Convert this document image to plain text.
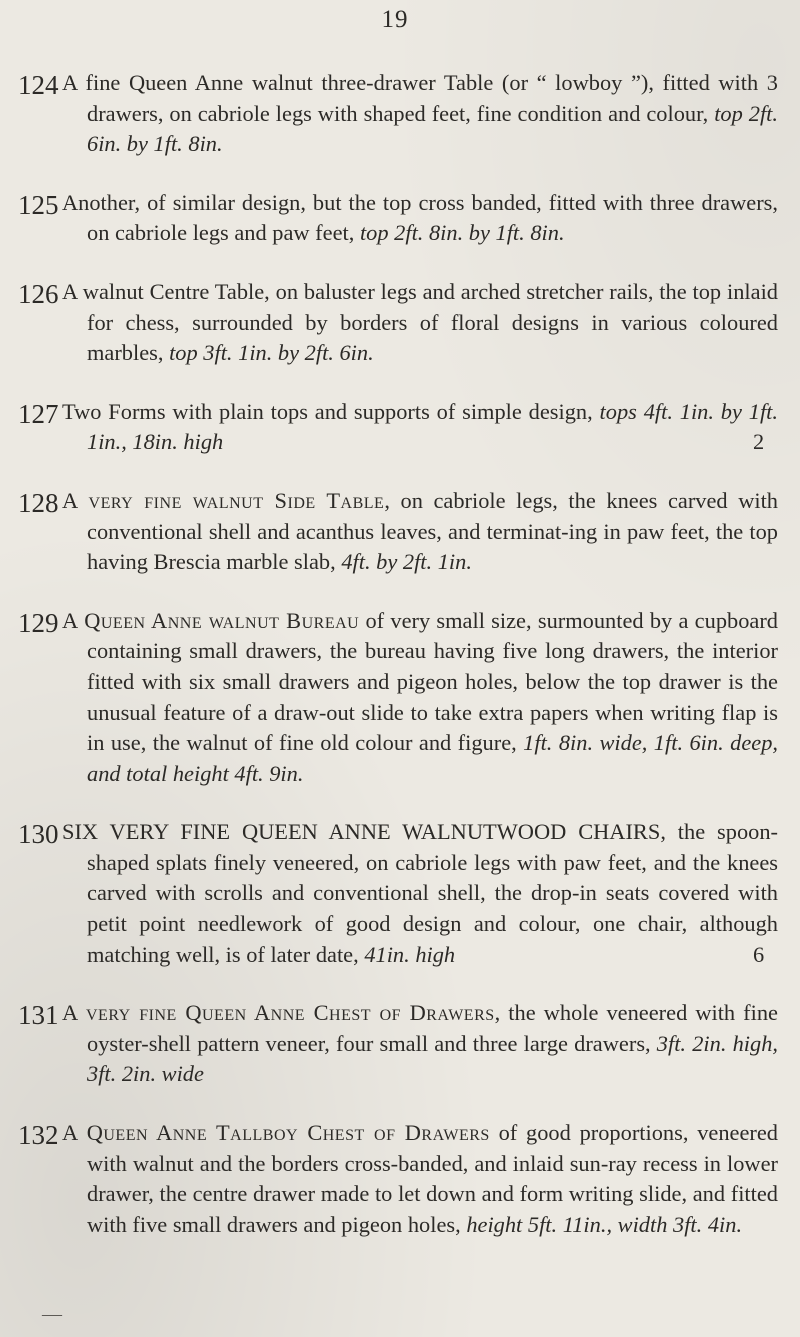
19
124 A fine Queen Anne walnut three-drawer Table (or “ lowboy ”), fitted with 3 drawers, on cabriole legs with shaped feet, fine condition and colour, top 2ft. 6in. by 1ft. 8in.
125 Another, of similar design, but the top cross banded, fitted with three drawers, on cabriole legs and paw feet, top 2ft. 8in. by 1ft. 8in.
126 A walnut Centre Table, on baluster legs and arched stretcher rails, the top inlaid for chess, surrounded by borders of floral designs in various coloured marbles, top 3ft. 1in. by 2ft. 6in.
127 Two Forms with plain tops and supports of simple design, tops 4ft. 1in. by 1ft. 1in., 18in. high	2
128 A very fine walnut Side Table, on cabriole legs, the knees carved with conventional shell and acanthus leaves, and terminat-ing in paw feet, the top having Brescia marble slab, 4ft. by 2ft. 1in.
129 A Queen Anne walnut Bureau of very small size, surmounted by a cupboard containing small drawers, the bureau having five long drawers, the interior fitted with six small drawers and pigeon holes, below the top drawer is the unusual feature of a draw-out slide to take extra papers when writing flap is in use, the walnut of fine old colour and figure, 1ft. 8in. wide, 1ft. 6in. deep, and total height 4ft. 9in.
130 SIX VERY FINE QUEEN ANNE WALNUTWOOD CHAIRS, the spoon-shaped splats finely veneered, on cabriole legs with paw feet, and the knees carved with scrolls and conventional shell, the drop-in seats covered with petit point needlework of good design and colour, one chair, although matching well, is of later date, 41in. high	6
131 A very fine Queen Anne Chest of Drawers, the whole veneered with fine oyster-shell pattern veneer, four small and three large drawers, 3ft. 2in. high, 3ft. 2in. wide
132 A Queen Anne Tallboy Chest of Drawers of good proportions, veneered with walnut and the borders cross-banded, and inlaid sun-ray recess in lower drawer, the centre drawer made to let down and form writing slide, and fitted with five small drawers and pigeon holes, height 5ft. 11in., width 3ft. 4in.
—
